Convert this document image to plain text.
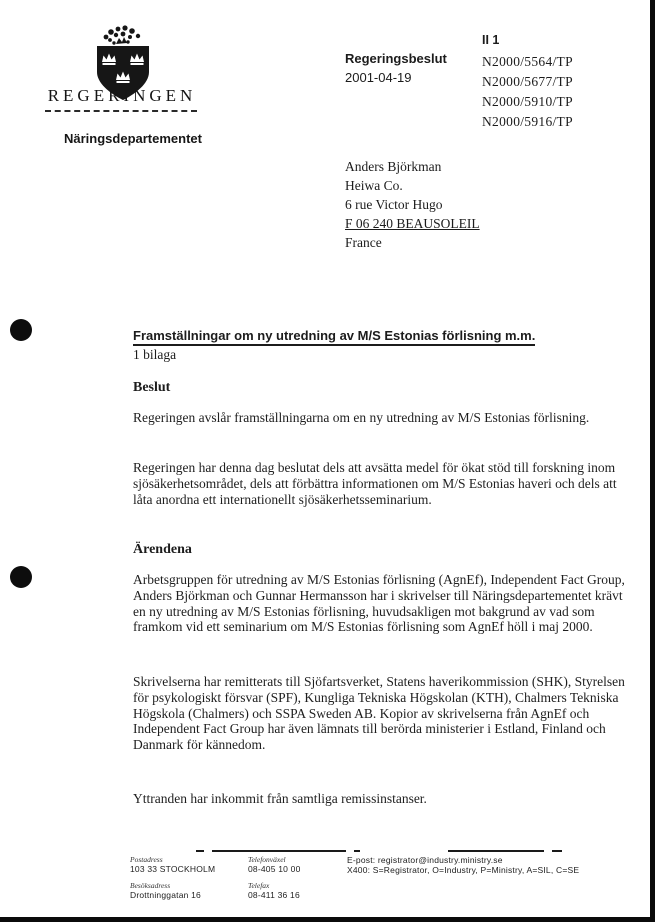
REGERINGEN
Näringsdepartementet
Regeringsbeslut
2001-04-19
II 1
N2000/5564/TP
N2000/5677/TP
N2000/5910/TP
N2000/5916/TP
Anders Björkman
Heiwa Co.
6 rue Victor Hugo
F 06 240 BEAUSOLEIL
France
Framställningar om ny utredning av M/S Estonias förlisning m.m.
1 bilaga
Beslut

Regeringen avslår framställningarna om en ny utredning av M/S Estonias förlisning.

Regeringen har denna dag beslutat dels att avsätta medel för ökat stöd till forskning inom sjösäkerhetsområdet, dels att förbättra informationen om M/S Estonias haveri och dels att låta anordna ett internationellt sjösäkerhetsseminarium.

Ärendena

Arbetsgruppen för utredning av M/S Estonias förlisning (AgnEf), Independent Fact Group, Anders Björkman och Gunnar Hermansson har i skrivelser till Näringsdepartementet krävt en ny utredning av M/S Estonias förlisning, huvudsakligen mot bakgrund av vad som framkom vid ett seminarium om M/S Estonias förlisning som AgnEf höll i maj 2000.

Skrivelserna har remitterats till Sjöfartsverket, Statens haverikommission (SHK), Styrelsen för psykologiskt försvar (SPF), Kungliga Tekniska Högskolan (KTH), Chalmers Tekniska Högskola (Chalmers) och SSPA Sweden AB. Kopior av skrivelserna från AgnEf och Independent Fact Group har även lämnats till berörda ministerier i Estland, Finland och Danmark för kännedom.

Yttranden har inkommit från samtliga remissinstanser.

Postadress
103 33 STOCKHOLM
Besöksadress
Drottninggatan 16
Telefonväxel
08-405 10 00
Telefax
08-411 36 16
E-post: registrator@industry.ministry.se
X400: S=Registrator, O=Industry, P=Ministry, A=SIL, C=SE
